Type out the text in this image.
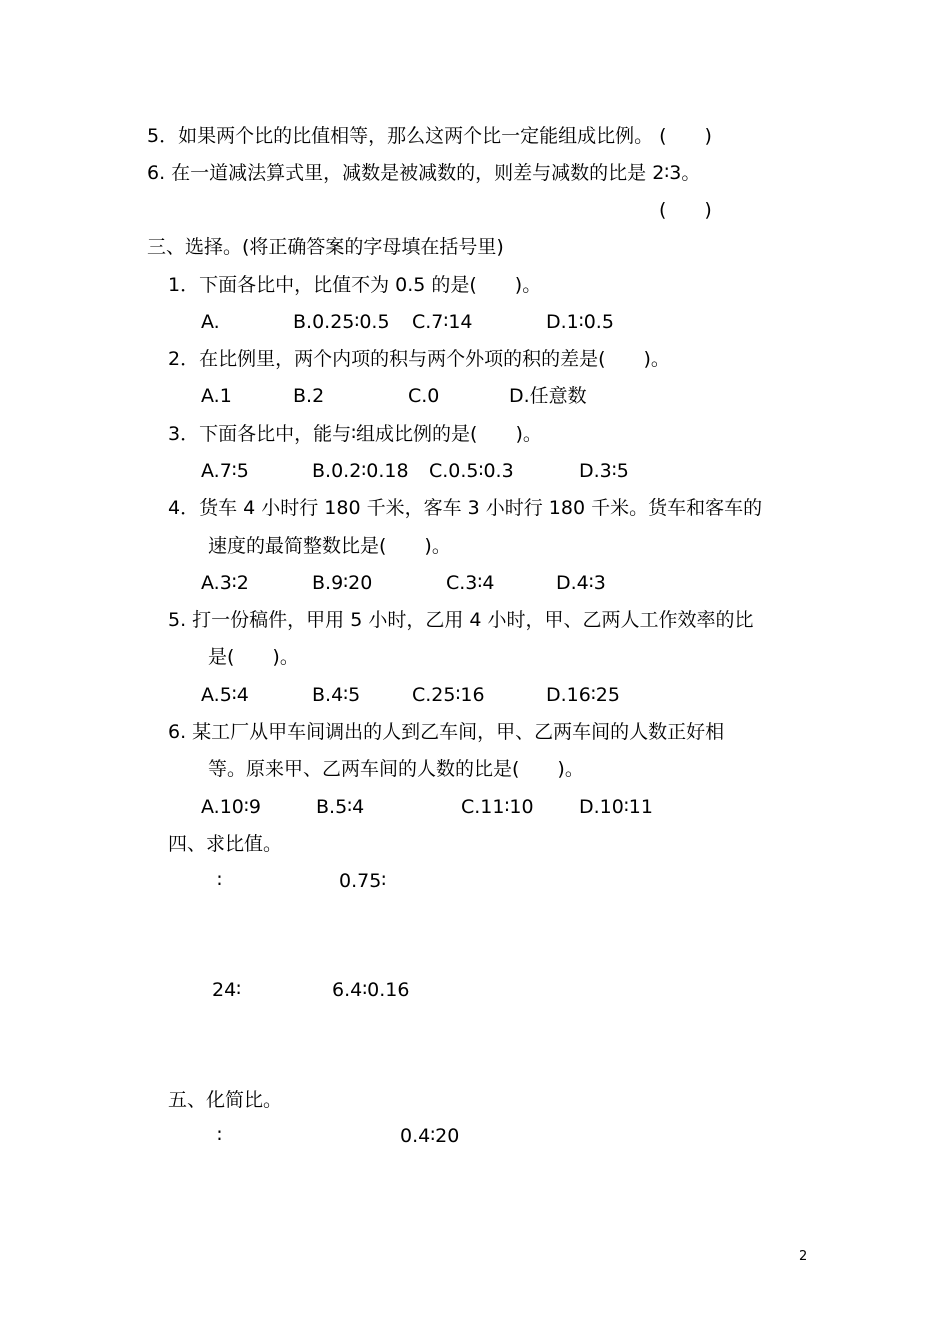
5．如果两个比的比值相等，那么这两个比一定能组成比例。 (　　)
6. 在一道减法算式里，减数是被减数的，则差与减数的比是 2∶3。
(　　)
三、选择。(将正确答案的字母填在括号里)
1．下面各比中，比值不为 0.5 的是(　　)。
A.	B.0.25∶0.5 C.7∶14	D.1∶0.5
2．在比例里，两个内项的积与两个外项的积的差是(　　)。
A.1	B.2	C.0	D.任意数
3．下面各比中，能与∶组成比例的是(　　)。
A.7∶5	B.0.2∶0.18 C.0.5∶0.3	D.3∶5
4．货车 4 小时行 180 千米，客车 3 小时行 180 千米。货车和客车的
速度的最简整数比是(　　)。
A.3∶2	B.9∶20	C.3∶4	D.4∶3
5. 打一份稿件，甲用 5 小时，乙用 4 小时，甲、乙两人工作效率的比
是(　　)。
A.5∶4	B.4∶5	C.25∶16	D.16∶25
6. 某工厂从甲车间调出的人到乙车间，甲、乙两车间的人数正好相
等。原来甲、乙两车间的人数的比是(　　)。
A.10∶9	B.5∶4	C.11∶10 D.10∶11
四、求比值。
∶	0.75∶
24∶	6.4∶0.16
五、化简比。
∶	0.4∶20
2
